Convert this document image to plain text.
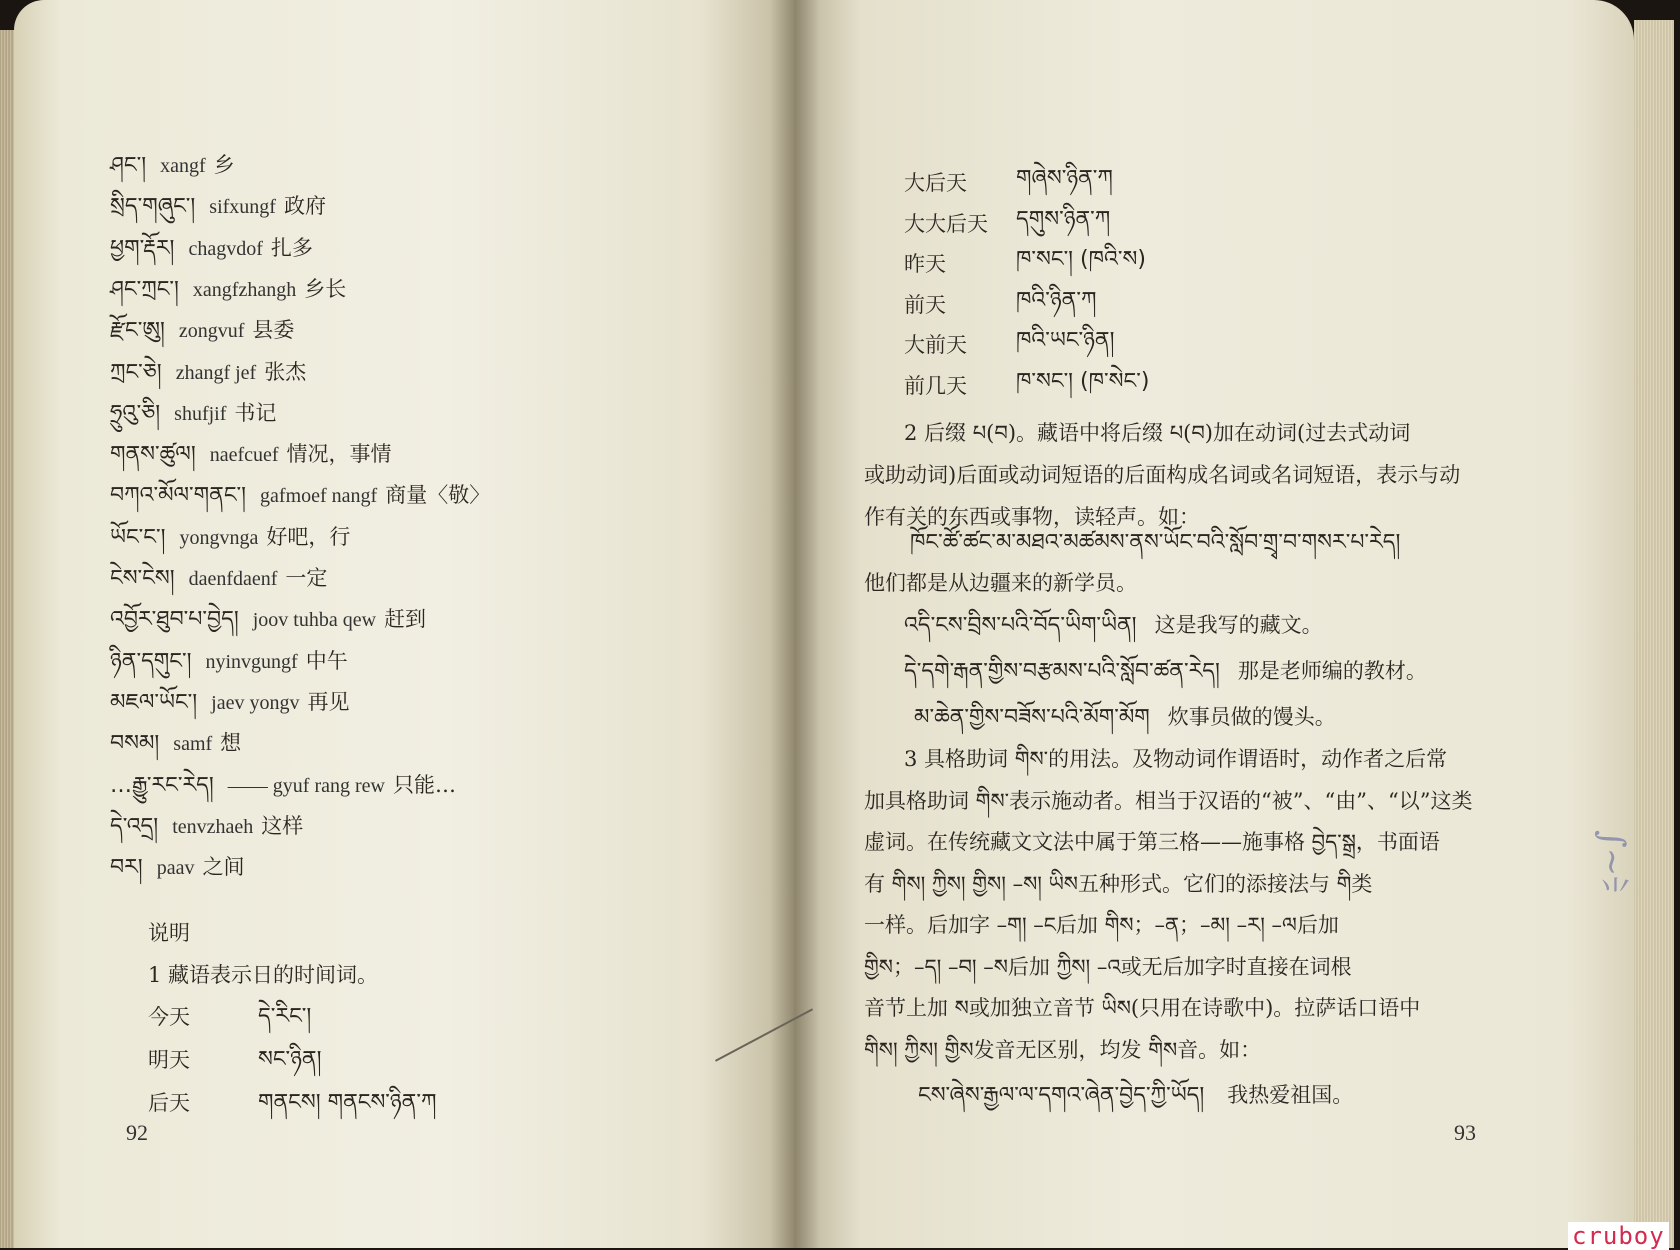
ཤང་། xangf 乡
སྲིད་གཞུང་། sifxungf 政府
ཕྱག་རྡོར། chagvdof 扎多
ཤང་ཀྲང་། xangfzhangh 乡长
རྫོང་ཨུ། zongvuf 县委
ཀྲང་ཅེ། zhangf jef 张杰
ཧྲུའུ་ཅི། shufjif 书记
གནས་ཚུལ། naefcuef 情况，事情
བཀའ་མོལ་གནང་། gafmoef nangf 商量〈敬〉
ཡོང་ང་། yongvnga 好吧，行
ངེས་ངེས། daenfdaenf 一定
འབྱོར་ཐུབ་པ་བྱེད། joov tuhba qew 赶到
ཉིན་དགུང་། nyinvgungf 中午
མཇལ་ཡོང་། jaev yongv 再见
བསམ། samf 想
…རྒྱུ་རང་རེད། —— gyuf rang rew 只能…
དེ་འདྲ། tenvzhaeh 这样
བར། paav 之间
说明
1 藏语表示日的时间词。
今天	དེ་རིང་།
明天	སང་ཉིན།
后天	གནངས། གནངས་ཉིན་ཀ
92
大后天 གཞེས་ཉིན་ཀ
大大后天 དགུས་ཉིན་ཀ
昨天	ཁ་སང་། (ཁའི་ས)
前天	ཁའི་ཉིན་ཀ
大前天 ཁའི་ཡང་ཉིན།
前几天 ཁ་སང་། (ཁ་སེང་)
2 后缀 པ(བ)。藏语中将后缀 པ(བ)加在动词(过去式动词
或助动词)后面或动词短语的后面构成名词或名词短语，表示与动
作有关的东西或事物，读轻声。如：
ཁོང་ཚོ་ཚང་མ་མཐའ་མཚམས་ནས་ཡོང་བའི་སློབ་གྲྭ་བ་གསར་པ་རེད།
他们都是从边疆来的新学员。
འདི་ངས་བྲིས་པའི་བོད་ཡིག་ཡིན། 这是我写的藏文。
དེ་དགེ་རྒན་གྱིས་བརྩམས་པའི་སློབ་ཚན་རེད། 那是老师编的教材。
མ་ཆེན་གྱིས་བཟོས་པའི་མོག་མོག 炊事员做的馒头。
3 具格助词 གིས་的用法。及物动词作谓语时，动作者之后常
加具格助词 གིས་表示施动者。相当于汉语的“被”、“由”、“以”这类
虚词。在传统藏文文法中属于第三格——施事格 བྱེད་སྒྲ，书面语
有 གིས། ཀྱིས། གྱིས། –ས། ཡིས五种形式。它们的添接法与 གི类
一样。后加字 –ག། –ང后加 གིས；–ན；–མ། –ར། –ལ后加
གྱིས；–ད། –བ། –ས后加 ཀྱིས། –འ或无后加字时直接在词根
音节上加 ས或加独立音节 ཡིས(只用在诗歌中)。拉萨话口语中
གིས། ཀྱིས། གྱིས发音无区别，均发 གིས音。如：
ངས་ཞེས་རྒྱལ་ལ་དགའ་ཞེན་བྱེད་ཀྱི་ཡོད། 我热爱祖国。
93
∫∼⺌
cruboy
